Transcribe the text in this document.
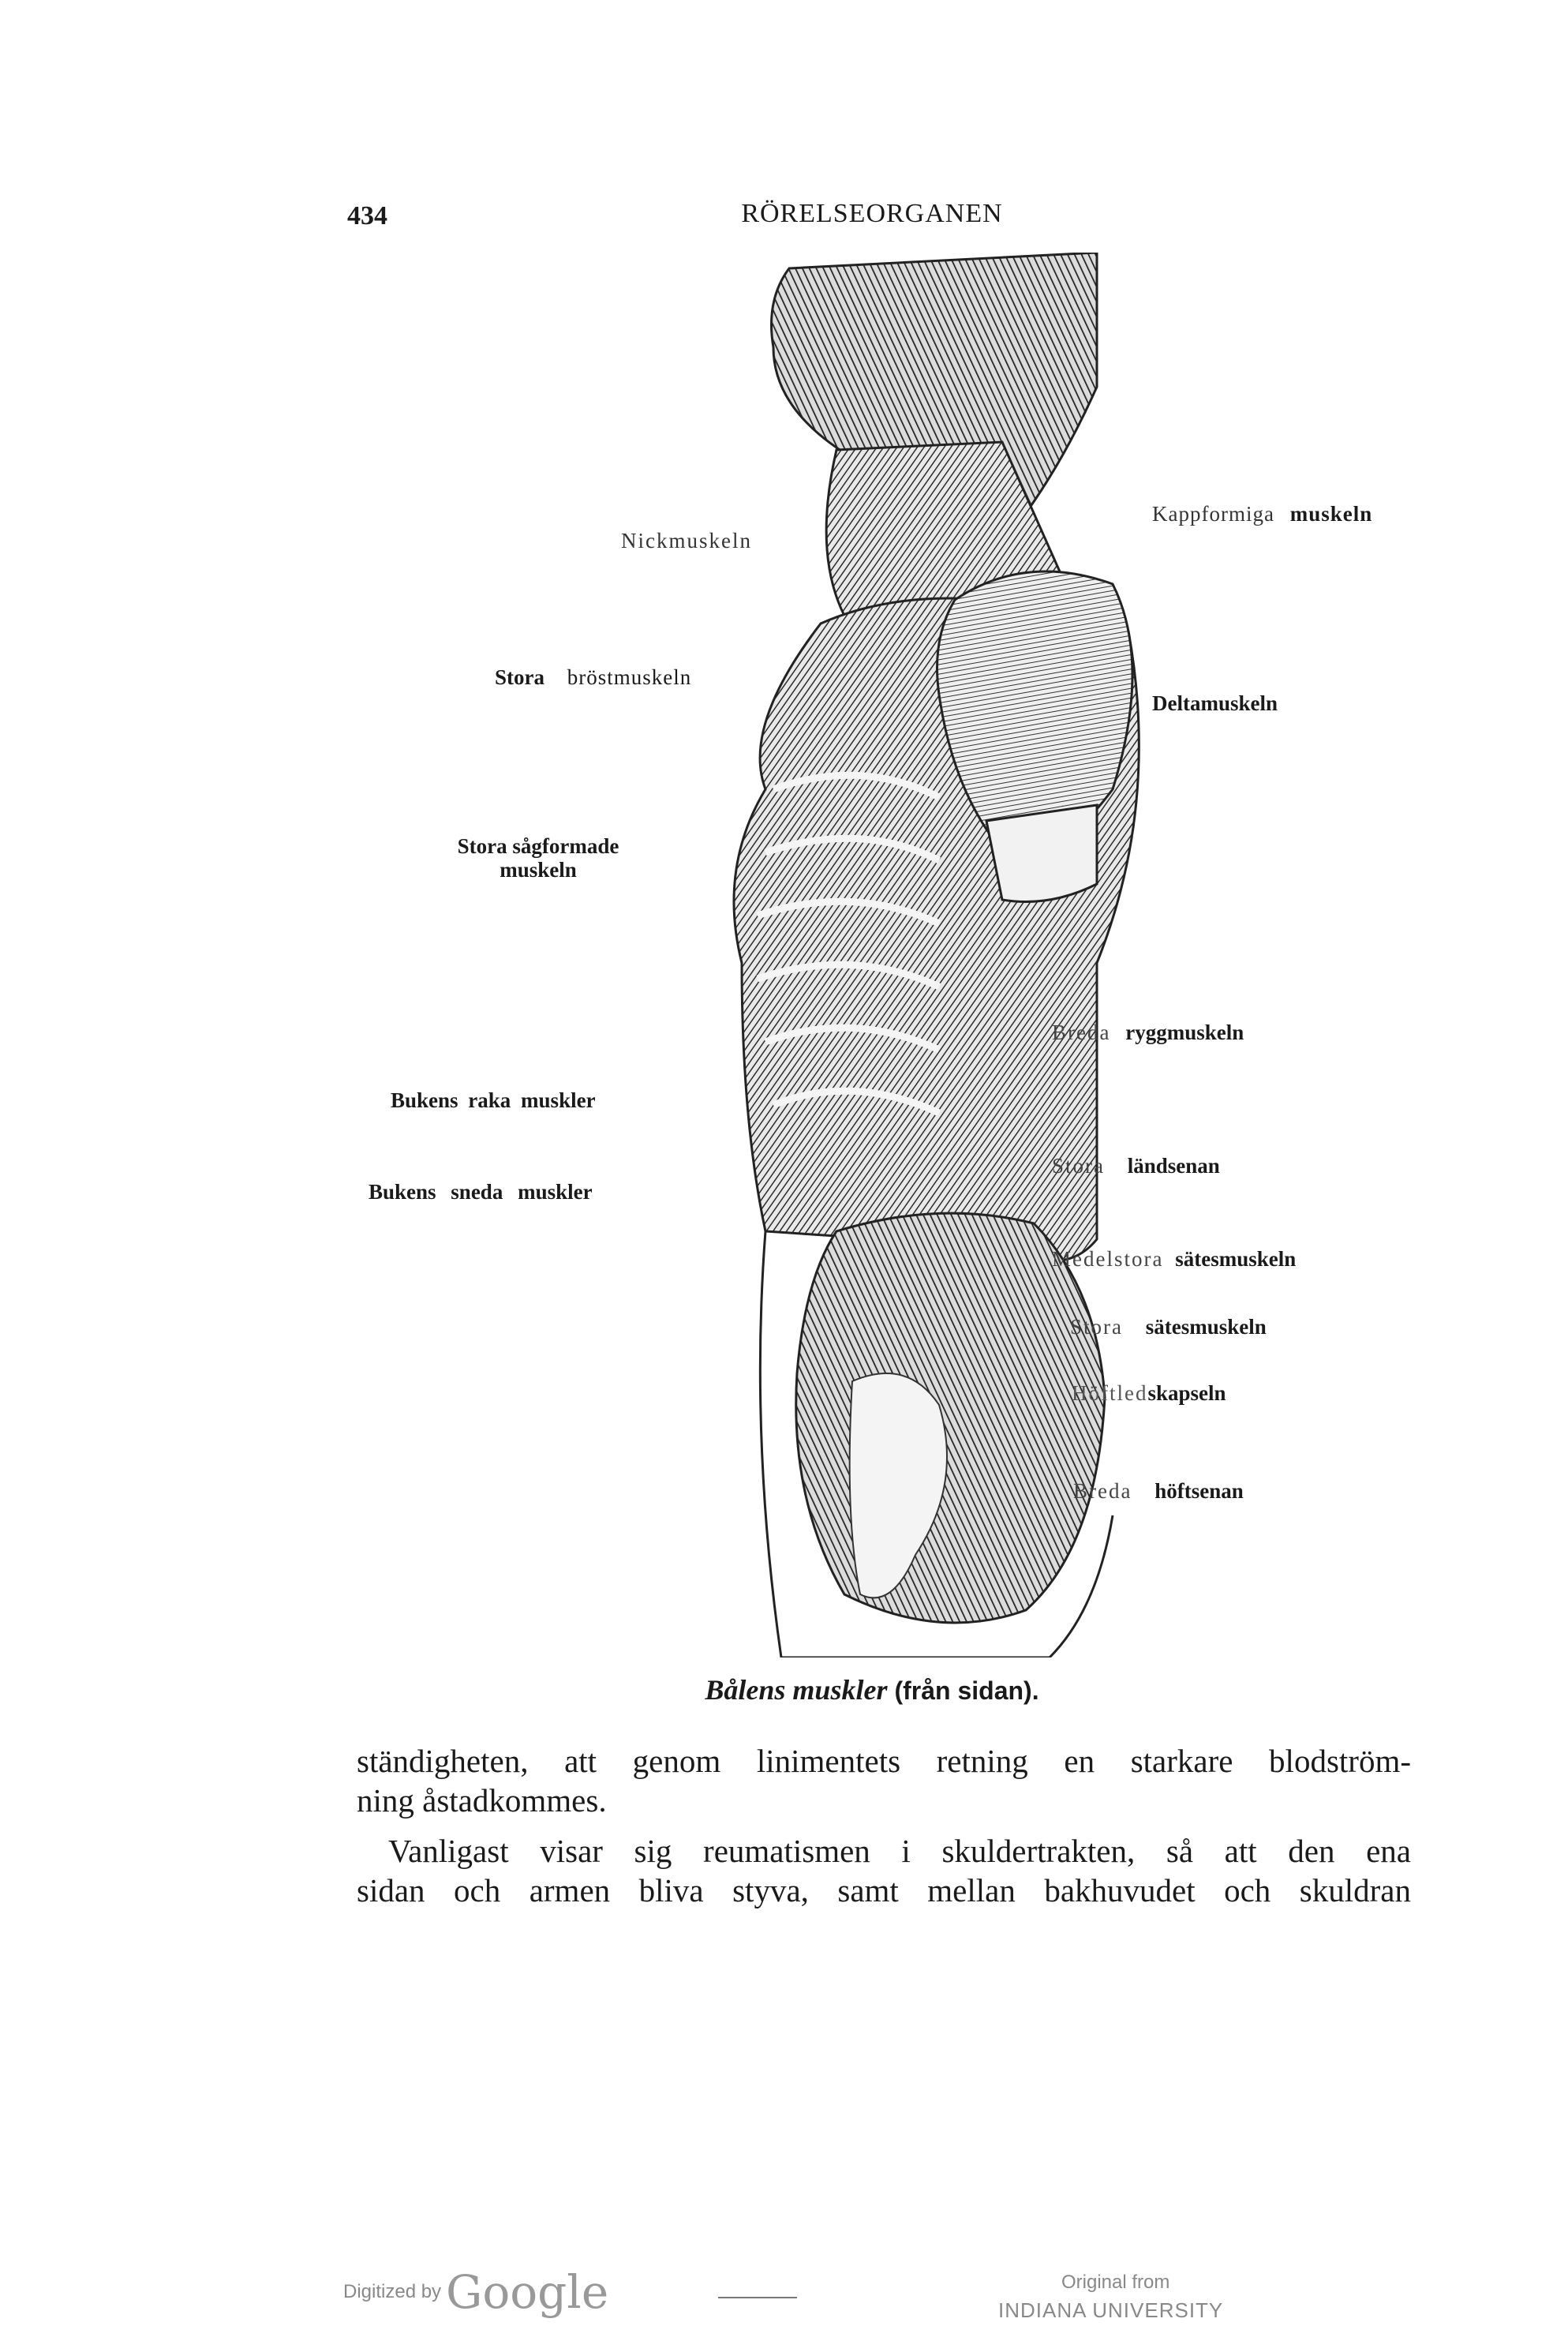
434	RÖRELSEORGANEN
Nickmuskeln
Kappformiga muskeln
Stora bröstmuskeln
Deltamuskeln
Stora sågformade
muskeln
Breda ryggmuskeln
Bukens raka muskler
Bukens sneda muskler
Stora ländsenan
Medelstora sätesmuskeln
Stora sätesmuskeln
Höftledskapseln
Breda höftsenan
Bålens muskler (från sidan).

ständigheten, att genom linimentets retning en starkare blodström-

ning åstadkommes.

Vanligast visar sig reumatismen i skuldertrakten, så att den ena

sidan och armen bliva styva, samt mellan bakhuvudet och skuldran

Digitized by Google	Original from
INDIANA UNIVERSITY
